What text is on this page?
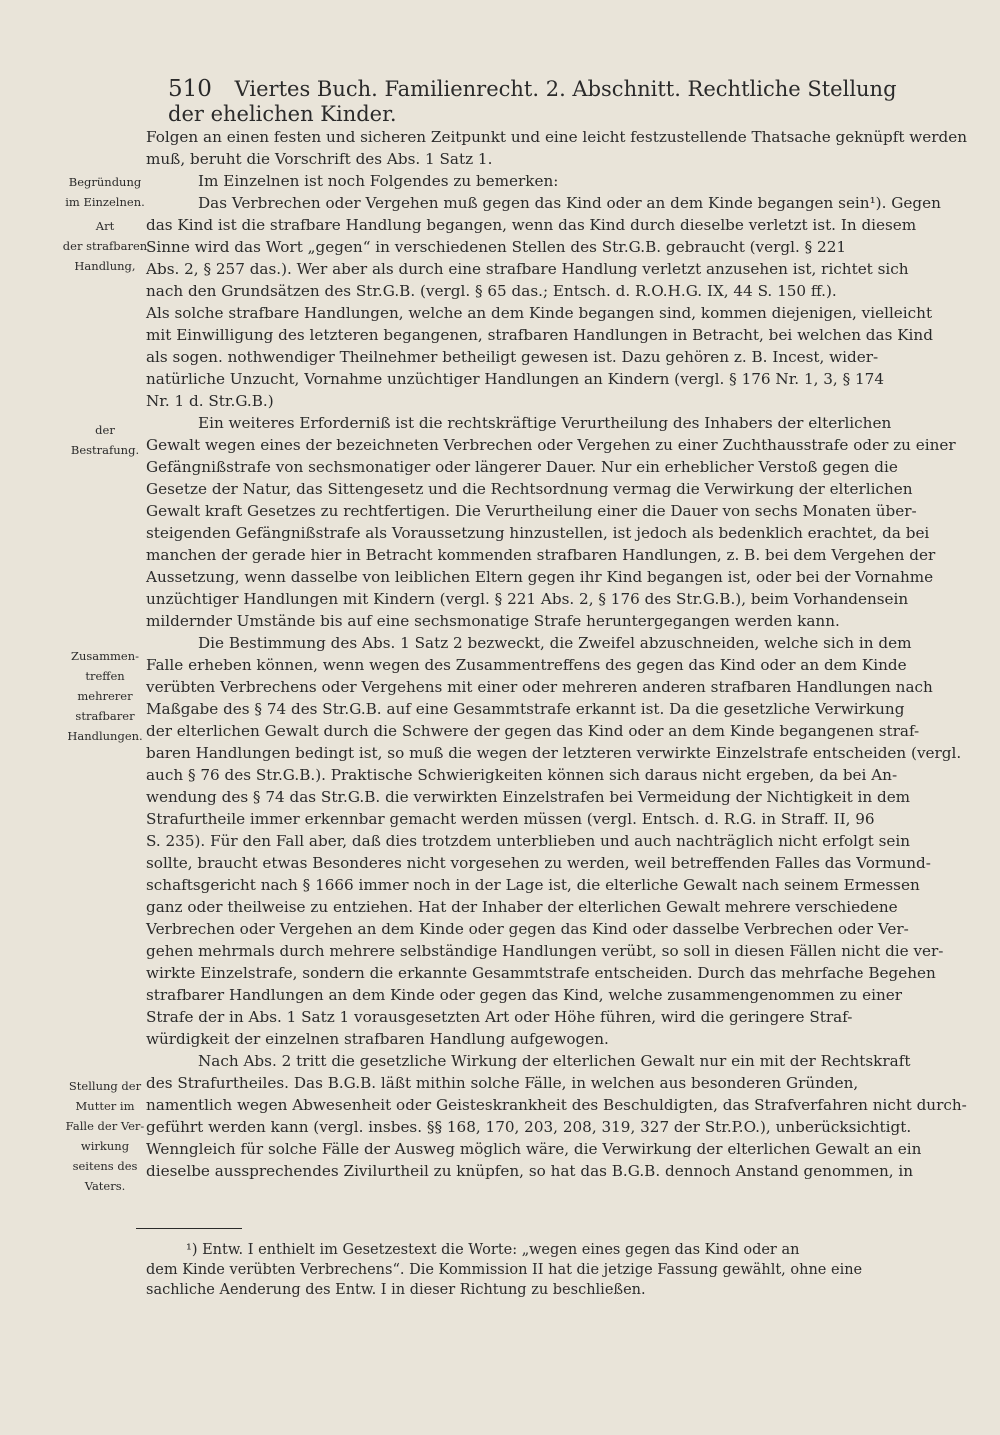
510 Viertes Buch. Familienrecht. 2. Abschnitt. Rechtliche Stellung der ehelichen Kinder.
Begründung
im Einzelnen.
Art
der strafbaren
Handlung,
der
Bestrafung.
Zusammen-
treffen
mehrerer
strafbarer
Handlungen.
Stellung der
Mutter im
Falle der Ver-
wirkung
seitens des
Vaters.
Folgen an einen festen und sicheren Zeitpunkt und eine leicht festzustellende Thatsache geknüpft werden
muß, beruht die Vorschrift des Abs. 1 Satz 1.
Im Einzelnen ist noch Folgendes zu bemerken:
Das Verbrechen oder Vergehen muß gegen das Kind oder an dem Kinde begangen sein¹). Gegen
das Kind ist die strafbare Handlung begangen, wenn das Kind durch dieselbe verletzt ist. In diesem
Sinne wird das Wort „gegen“ in verschiedenen Stellen des Str.G.B. gebraucht (vergl. § 221
Abs. 2, § 257 das.). Wer aber als durch eine strafbare Handlung verletzt anzusehen ist, richtet sich
nach den Grundsätzen des Str.G.B. (vergl. § 65 das.; Entsch. d. R.O.H.G. IX, 44 S. 150 ff.).
Als solche strafbare Handlungen, welche an dem Kinde begangen sind, kommen diejenigen, vielleicht
mit Einwilligung des letzteren begangenen, strafbaren Handlungen in Betracht, bei welchen das Kind
als sogen. nothwendiger Theilnehmer betheiligt gewesen ist. Dazu gehören z. B. Incest, wider-
natürliche Unzucht, Vornahme unzüchtiger Handlungen an Kindern (vergl. § 176 Nr. 1, 3, § 174
Nr. 1 d. Str.G.B.)
Ein weiteres Erforderniß ist die rechtskräftige Verurtheilung des Inhabers der elterlichen
Gewalt wegen eines der bezeichneten Verbrechen oder Vergehen zu einer Zuchthausstrafe oder zu einer
Gefängnißstrafe von sechsmonatiger oder längerer Dauer. Nur ein erheblicher Verstoß gegen die
Gesetze der Natur, das Sittengesetz und die Rechtsordnung vermag die Verwirkung der elterlichen
Gewalt kraft Gesetzes zu rechtfertigen. Die Verurtheilung einer die Dauer von sechs Monaten über-
steigenden Gefängnißstrafe als Voraussetzung hinzustellen, ist jedoch als bedenklich erachtet, da bei
manchen der gerade hier in Betracht kommenden strafbaren Handlungen, z. B. bei dem Vergehen der
Aussetzung, wenn dasselbe von leiblichen Eltern gegen ihr Kind begangen ist, oder bei der Vornahme
unzüchtiger Handlungen mit Kindern (vergl. § 221 Abs. 2, § 176 des Str.G.B.), beim Vorhandensein
mildernder Umstände bis auf eine sechsmonatige Strafe heruntergegangen werden kann.
Die Bestimmung des Abs. 1 Satz 2 bezweckt, die Zweifel abzuschneiden, welche sich in dem
Falle erheben können, wenn wegen des Zusammentreffens des gegen das Kind oder an dem Kinde
verübten Verbrechens oder Vergehens mit einer oder mehreren anderen strafbaren Handlungen nach
Maßgabe des § 74 des Str.G.B. auf eine Gesammtstrafe erkannt ist. Da die gesetzliche Verwirkung
der elterlichen Gewalt durch die Schwere der gegen das Kind oder an dem Kinde begangenen straf-
baren Handlungen bedingt ist, so muß die wegen der letzteren verwirkte Einzelstrafe entscheiden (vergl.
auch § 76 des Str.G.B.). Praktische Schwierigkeiten können sich daraus nicht ergeben, da bei An-
wendung des § 74 das Str.G.B. die verwirkten Einzelstrafen bei Vermeidung der Nichtigkeit in dem
Strafurtheile immer erkennbar gemacht werden müssen (vergl. Entsch. d. R.G. in Straff. II, 96
S. 235). Für den Fall aber, daß dies trotzdem unterblieben und auch nachträglich nicht erfolgt sein
sollte, braucht etwas Besonderes nicht vorgesehen zu werden, weil betreffenden Falles das Vormund-
schaftsgericht nach § 1666 immer noch in der Lage ist, die elterliche Gewalt nach seinem Ermessen
ganz oder theilweise zu entziehen. Hat der Inhaber der elterlichen Gewalt mehrere verschiedene
Verbrechen oder Vergehen an dem Kinde oder gegen das Kind oder dasselbe Verbrechen oder Ver-
gehen mehrmals durch mehrere selbständige Handlungen verübt, so soll in diesen Fällen nicht die ver-
wirkte Einzelstrafe, sondern die erkannte Gesammtstrafe entscheiden. Durch das mehrfache Begehen
strafbarer Handlungen an dem Kinde oder gegen das Kind, welche zusammengenommen zu einer
Strafe der in Abs. 1 Satz 1 vorausgesetzten Art oder Höhe führen, wird die geringere Straf-
würdigkeit der einzelnen strafbaren Handlung aufgewogen.
Nach Abs. 2 tritt die gesetzliche Wirkung der elterlichen Gewalt nur ein mit der Rechtskraft
des Strafurtheiles. Das B.G.B. läßt mithin solche Fälle, in welchen aus besonderen Gründen,
namentlich wegen Abwesenheit oder Geisteskrankheit des Beschuldigten, das Strafverfahren nicht durch-
geführt werden kann (vergl. insbes. §§ 168, 170, 203, 208, 319, 327 der Str.P.O.), unberücksichtigt.
Wenngleich für solche Fälle der Ausweg möglich wäre, die Verwirkung der elterlichen Gewalt an ein
dieselbe aussprechendes Zivilurtheil zu knüpfen, so hat das B.G.B. dennoch Anstand genommen, in
¹) Entw. I enthielt im Gesetzestext die Worte: „wegen eines gegen das Kind oder an
dem Kinde verübten Verbrechens“. Die Kommission II hat die jetzige Fassung gewählt, ohne eine
sachliche Aenderung des Entw. I in dieser Richtung zu beschließen.
